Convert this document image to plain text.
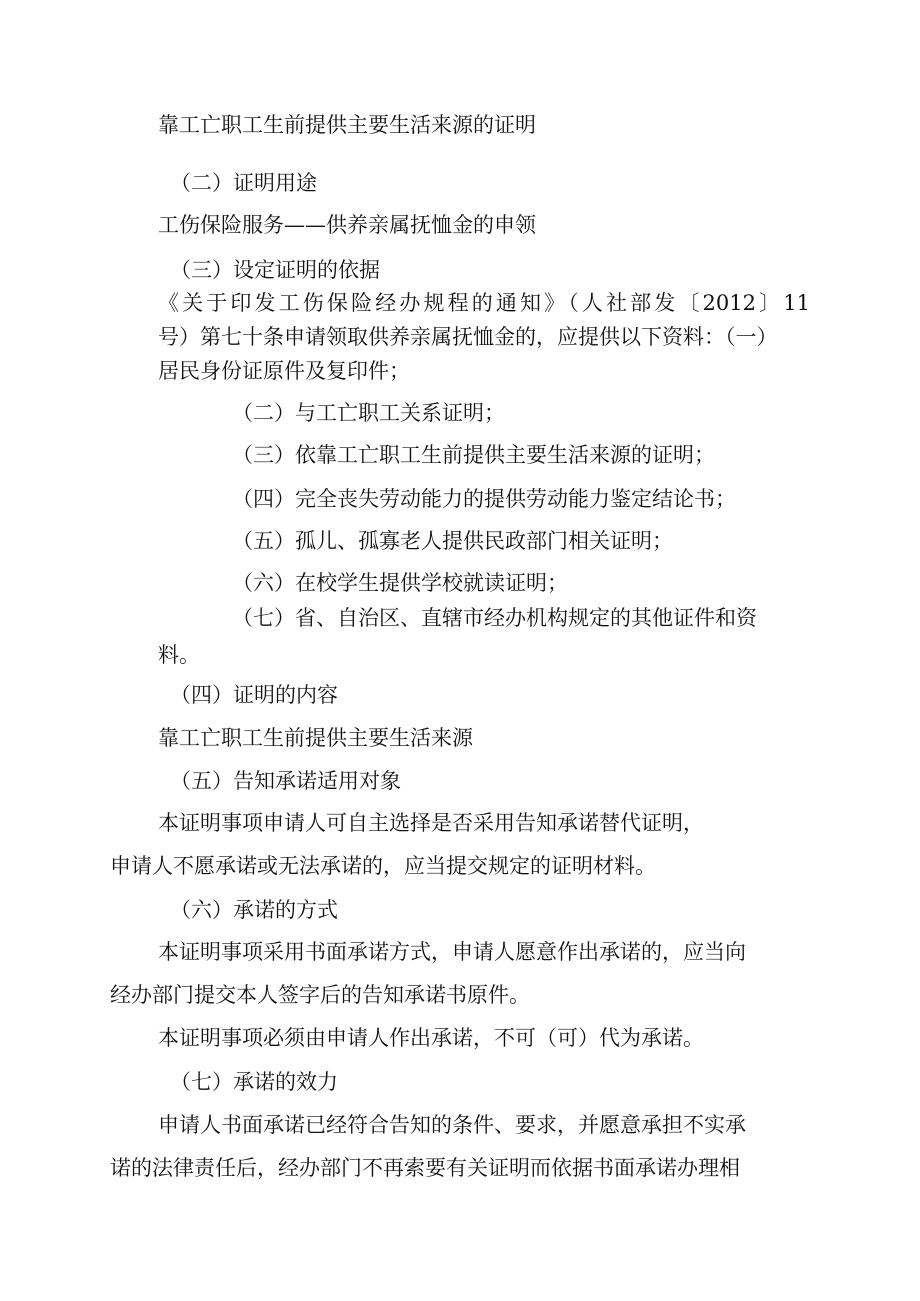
靠工亡职工生前提供主要生活来源的证明

（二）证明用途

工伤保险服务——供养亲属抚恤金的申领

（三）设定证明的依据

《关于印发工伤保险经办规程的通知》（人社部发〔2012〕11

号）第七十条申请领取供养亲属抚恤金的，应提供以下资料：（一）

居民身份证原件及复印件；

（二）与工亡职工关系证明；

（三）依靠工亡职工生前提供主要生活来源的证明；

（四）完全丧失劳动能力的提供劳动能力鉴定结论书；

（五）孤儿、孤寡老人提供民政部门相关证明；

（六）在校学生提供学校就读证明；

（七）省、自治区、直辖市经办机构规定的其他证件和资

料。

（四）证明的内容

靠工亡职工生前提供主要生活来源

（五）告知承诺适用对象

本证明事项申请人可自主选择是否采用告知承诺替代证明，

申请人不愿承诺或无法承诺的，应当提交规定的证明材料。

（六）承诺的方式

本证明事项采用书面承诺方式，申请人愿意作出承诺的，应当向

经办部门提交本人签字后的告知承诺书原件。

本证明事项必须由申请人作出承诺，不可（可）代为承诺。

（七）承诺的效力

申请人书面承诺已经符合告知的条件、要求，并愿意承担不实承

诺的法律责任后，经办部门不再索要有关证明而依据书面承诺办理相
